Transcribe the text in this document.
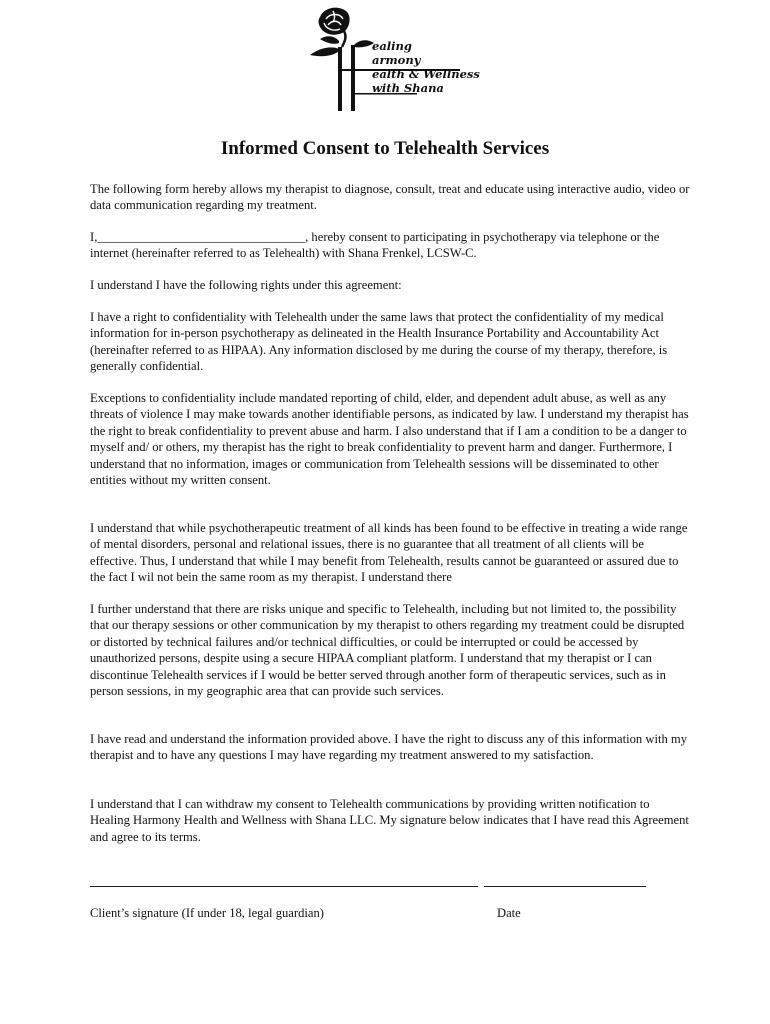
ealing
armony
ealth & Wellness
with Shana
Informed Consent to Telehealth Services

The following form hereby allows my therapist to diagnose, consult, treat and educate using interactive audio, video or data communication regarding my treatment.

I,_________________________________, hereby consent to participating in psychotherapy via telephone or the internet (hereinafter referred to as Telehealth) with Shana Frenkel, LCSW-C.

I understand I have the following rights under this agreement:

I have a right to confidentiality with Telehealth under the same laws that protect the confidentiality of my medical information for in-person psychotherapy as delineated in the Health Insurance Portability and Accountability Act (hereinafter referred to as HIPAA). Any information disclosed by me during the course of my therapy, therefore, is generally confidential.

Exceptions to confidentiality include mandated reporting of child, elder, and dependent adult abuse, as well as any threats of violence I may make towards another identifiable persons, as indicated by law. I understand my therapist has the right to break confidentiality to prevent abuse and harm. I also understand that if I am a condition to be a danger to myself and/ or others, my therapist has the right to break confidentiality to prevent harm and danger. Furthermore, I understand that no information, images or communication from Telehealth sessions will be disseminated to other entities without my written consent.

I understand that while psychotherapeutic treatment of all kinds has been found to be effective in treating a wide range of mental disorders, personal and relational issues, there is no guarantee that all treatment of all clients will be effective. Thus, I understand that while I may benefit from Telehealth, results cannot be guaranteed or assured due to the fact I wil not bein the same room as my therapist. I understand there

I further understand that there are risks unique and specific to Telehealth, including but not limited to, the possibility that our therapy sessions or other communication by my therapist to others regarding my treatment could be disrupted or distorted by technical failures and/or technical difficulties, or could be interrupted or could be accessed by unauthorized persons, despite using a secure HIPAA compliant platform. I understand that my therapist or I can discontinue Telehealth services if I would be better served through another form of therapeutic services, such as in person sessions, in my geographic area that can provide such services.

I have read and understand the information provided above. I have the right to discuss any of this information with my therapist and to have any questions I may have regarding my treatment answered to my satisfaction.

I understand that I can withdraw my consent to Telehealth communications by providing written notification to Healing Harmony Health and Wellness with Shana LLC. My signature below indicates that I have read this Agreement and agree to its terms.

Client’s signature (If under 18, legal guardian)	Date
